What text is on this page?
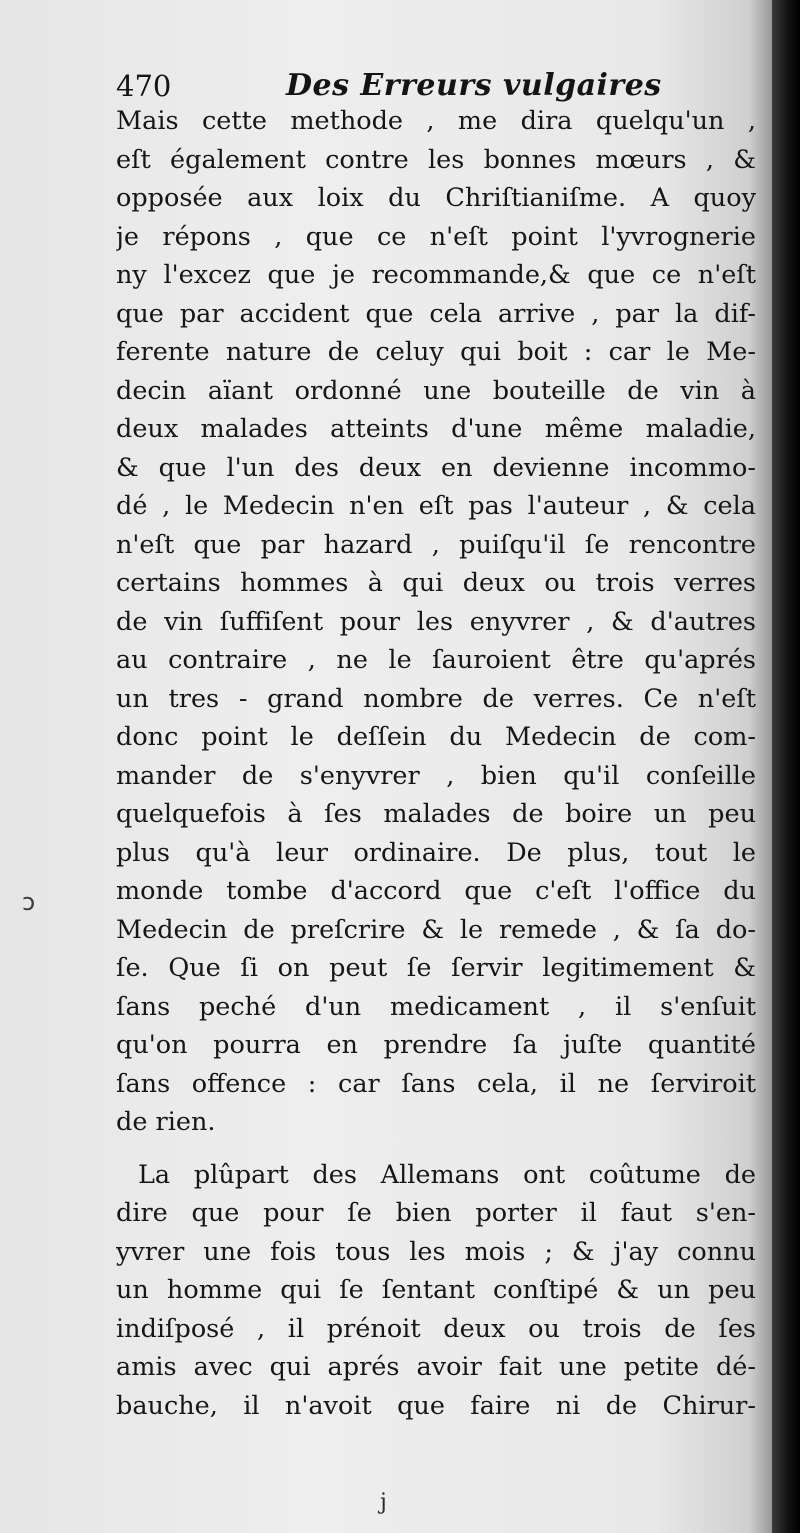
470	Des Erreurs vulgaires
Mais cette methode , me dira quelqu'un ,
eſt également contre les bonnes mœurs , &
opposée aux loix du Chriſtianiſme. A quoy
je répons , que ce n'eſt point l'yvrognerie
ny l'excez que je recommande,& que ce n'eſt
que par accident que cela arrive , par la dif-
ferente nature de celuy qui boit : car le Me-
decin aïant ordonné une bouteille de vin à
deux malades atteints d'une même maladie,
& que l'un des deux en devienne incommo-
dé , le Medecin n'en eſt pas l'auteur , & cela
n'eſt que par hazard , puiſqu'il ſe rencontre
certains hommes à qui deux ou trois verres
de vin ſuffiſent pour les enyvrer , & d'autres
au contraire , ne le ſauroient être qu'aprés
un tres - grand nombre de verres. Ce n'eſt
donc point le deſſein du Medecin de com-
mander de s'enyvrer , bien qu'il conſeille
quelquefois à ſes malades de boire un peu
plus qu'à leur ordinaire. De plus, tout le
monde tombe d'accord que c'eſt l'office du
Medecin de preſcrire & le remede , & ſa do-
ſe. Que ſi on peut ſe ſervir legitimement &
ſans peché d'un medicament , il s'enſuit
qu'on pourra en prendre ſa juſte quantité
ſans offence : car ſans cela, il ne ſerviroit
de rien.
La plûpart des Allemans ont coûtume de
dire que pour ſe bien porter il faut s'en-
yvrer une fois tous les mois ; & j'ay connu
un homme qui ſe ſentant conſtipé & un peu
indiſposé , il prénoit deux ou trois de ſes
amis avec qui aprés avoir fait une petite dé-
bauche, il n'avoit que faire ni de Chirur-
ɔ
j
